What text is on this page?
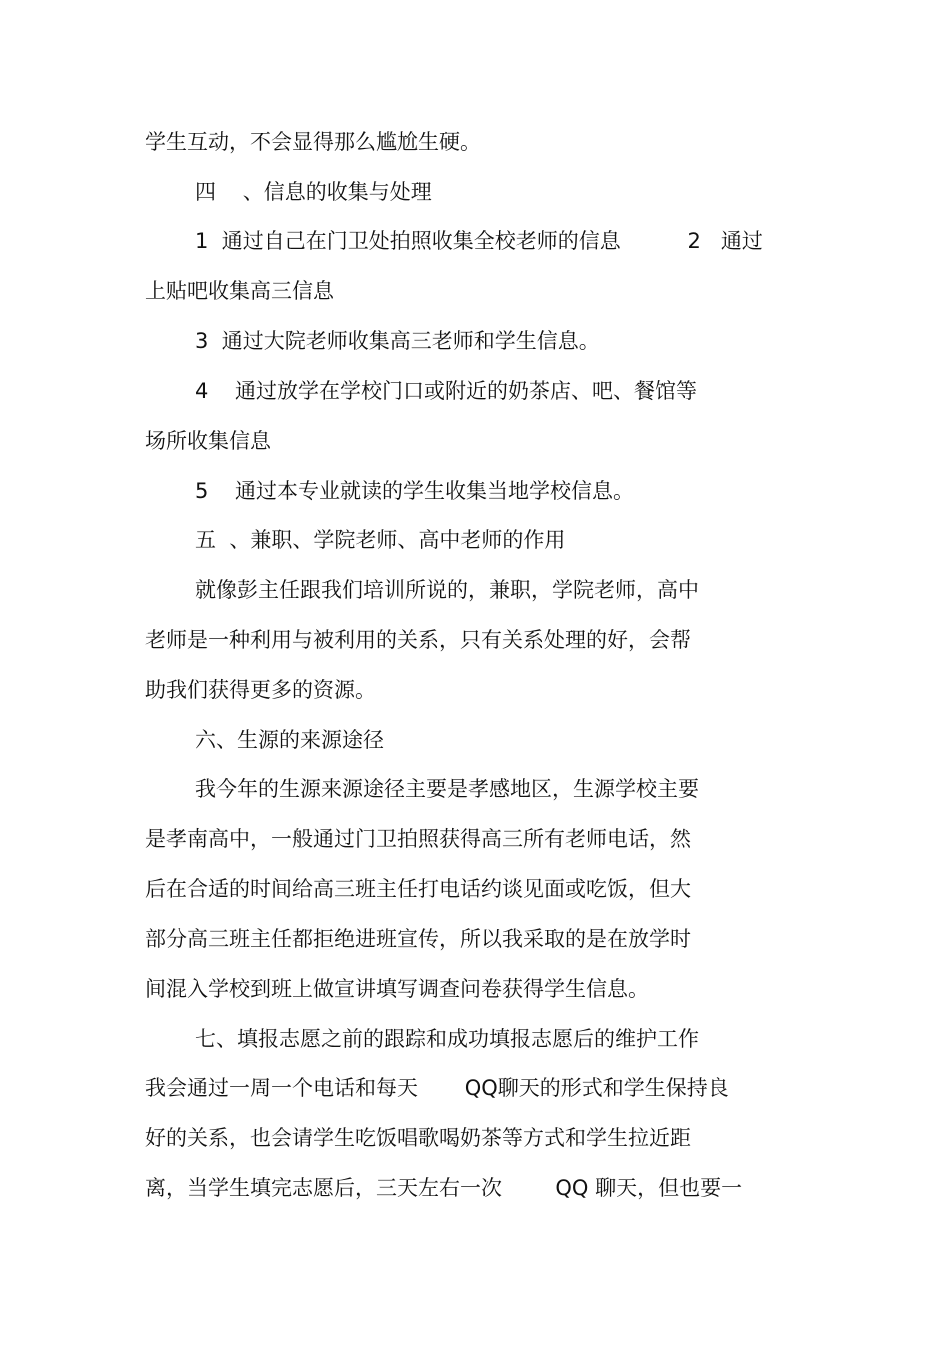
学生互动，不会显得那么尴尬生硬。
四    、信息的收集与处理
1  通过自己在门卫处拍照收集全校老师的信息          2   通过
上贴吧收集高三信息
3  通过大院老师收集高三老师和学生信息。
4    通过放学在学校门口或附近的奶茶店、吧、餐馆等
场所收集信息
5    通过本专业就读的学生收集当地学校信息。
五  、兼职、学院老师、高中老师的作用
就像彭主任跟我们培训所说的，兼职，学院老师，高中
老师是一种利用与被利用的关系，只有关系处理的好，会帮
助我们获得更多的资源。
六、生源的来源途径
我今年的生源来源途径主要是孝感地区，生源学校主要
是孝南高中，一般通过门卫拍照获得高三所有老师电话，然
后在合适的时间给高三班主任打电话约谈见面或吃饭，但大
部分高三班主任都拒绝进班宣传，所以我采取的是在放学时
间混入学校到班上做宣讲填写调查问卷获得学生信息。
七、填报志愿之前的跟踪和成功填报志愿后的维护工作
我会通过一周一个电话和每天       QQ聊天的形式和学生保持良
好的关系，也会请学生吃饭唱歌喝奶茶等方式和学生拉近距
离，当学生填完志愿后，三天左右一次        QQ 聊天，但也要一
